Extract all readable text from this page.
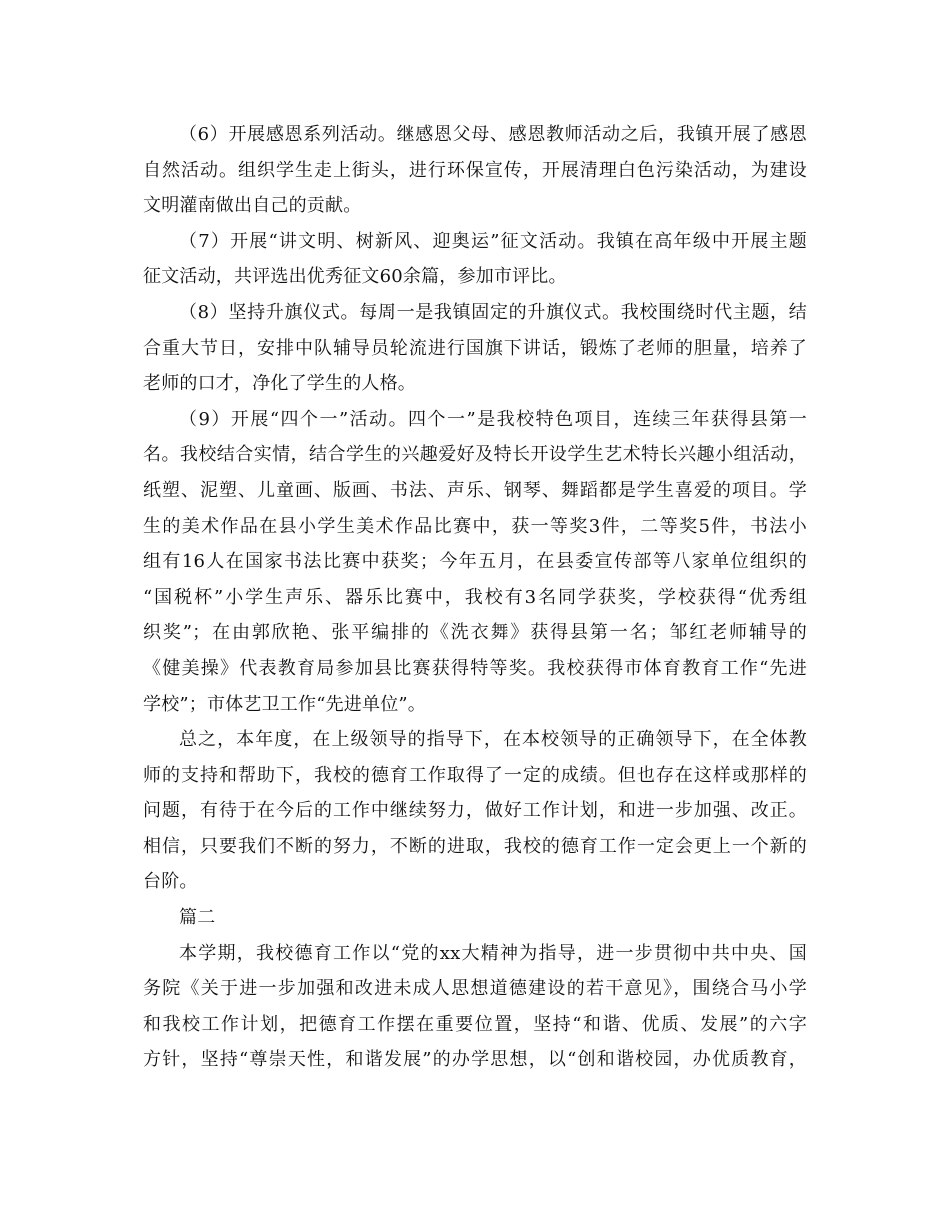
（6）开展感恩系列活动。继感恩父母、感恩教师活动之后，我镇开展了感恩
自然活动。组织学生走上街头，进行环保宣传，开展清理白色污染活动，为建设
文明灌南做出自己的贡献。

（7）开展“讲文明、树新风、迎奥运”征文活动。我镇在高年级中开展主题
征文活动，共评选出优秀征文60余篇，参加市评比。

（8）坚持升旗仪式。每周一是我镇固定的升旗仪式。我校围绕时代主题，结
合重大节日，安排中队辅导员轮流进行国旗下讲话，锻炼了老师的胆量，培养了
老师的口才，净化了学生的人格。

（9）开展“四个一”活动。四个一”是我校特色项目，连续三年获得县第一
名。我校结合实情，结合学生的兴趣爱好及特长开设学生艺术特长兴趣小组活动，
纸塑、泥塑、儿童画、版画、书法、声乐、钢琴、舞蹈都是学生喜爱的项目。学
生的美术作品在县小学生美术作品比赛中，获一等奖3件，二等奖5件，书法小
组有16人在国家书法比赛中获奖；今年五月，在县委宣传部等八家单位组织的
“国税杯”小学生声乐、器乐比赛中，我校有3名同学获奖，学校获得“优秀组
织奖”；在由郭欣艳、张平编排的《洗衣舞》获得县第一名；邹红老师辅导的
《健美操》代表教育局参加县比赛获得特等奖。我校获得市体育教育工作“先进
学校”；市体艺卫工作“先进单位”。

总之，本年度，在上级领导的指导下，在本校领导的正确领导下，在全体教
师的支持和帮助下，我校的德育工作取得了一定的成绩。但也存在这样或那样的
问题，有待于在今后的工作中继续努力，做好工作计划，和进一步加强、改正。
相信，只要我们不断的努力，不断的进取，我校的德育工作一定会更上一个新的
台阶。

篇二

本学期，我校德育工作以“党的xx大精神为指导，进一步贯彻中共中央、国
务院《关于进一步加强和改进未成人思想道德建设的若干意见》，围绕合马小学
和我校工作计划，把德育工作摆在重要位置，坚持“和谐、优质、发展”的六字
方针，坚持“尊崇天性，和谐发展”的办学思想，以“创和谐校园，办优质教育，
